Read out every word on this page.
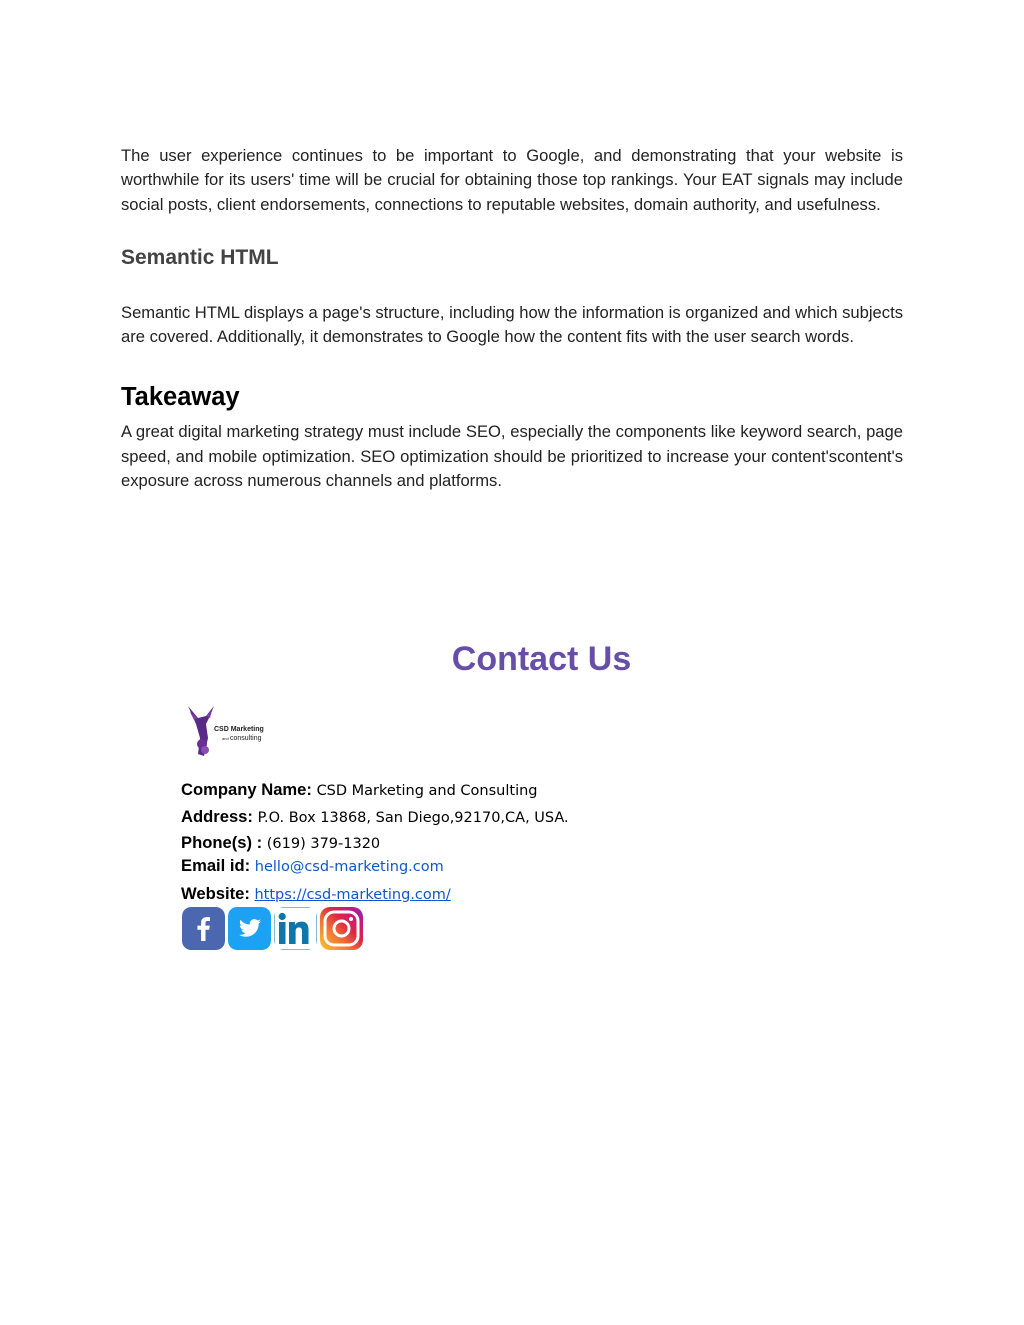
The user experience continues to be important to Google, and demonstrating that your website is worthwhile for its users' time will be crucial for obtaining those top rankings. Your EAT signals may include social posts, client endorsements, connections to reputable websites, domain authority, and usefulness.

Semantic HTML

Semantic HTML displays a page's structure, including how the information is organized and which subjects are covered. Additionally, it demonstrates to Google how the content fits with the user search words.

Takeaway

A great digital marketing strategy must include SEO, especially the components like keyword search, page speed, and mobile optimization. SEO optimization should be prioritized to increase your content'scontent's exposure across numerous channels and platforms.

Contact Us
CSD Marketing
and consulting
Company Name: CSD Marketing and Consulting
Address: P.O. Box 13868, San Diego,92170,CA, USA.
Phone(s) : (619) 379-1320
Email id: hello@csd-marketing.com
Website: https://csd-marketing.com/
